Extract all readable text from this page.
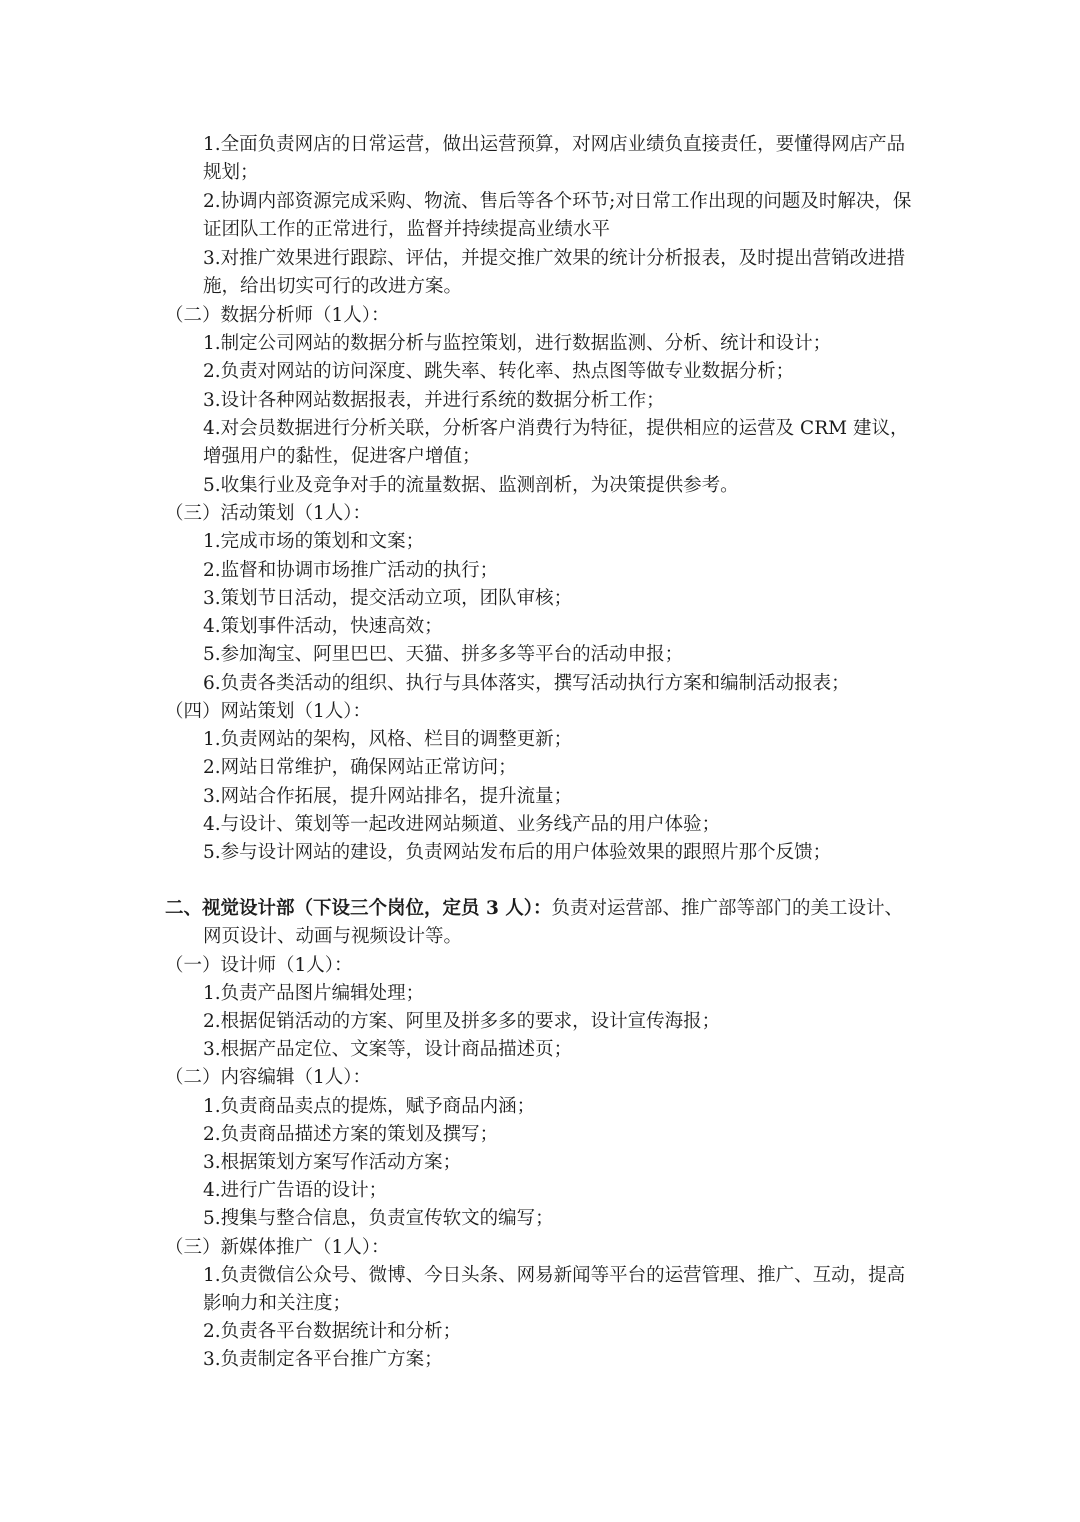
1.全面负责网店的日常运营，做出运营预算，对网店业绩负直接责任，要懂得网店产品
规划；
2.协调内部资源完成采购、物流、售后等各个环节;对日常工作出现的问题及时解决，保
证团队工作的正常进行，监督并持续提高业绩水平
3.对推广效果进行跟踪、评估，并提交推广效果的统计分析报表，及时提出营销改进措
施，给出切实可行的改进方案。
（二）数据分析师（1人）：
1.制定公司网站的数据分析与监控策划，进行数据监测、分析、统计和设计；
2.负责对网站的访问深度、跳失率、转化率、热点图等做专业数据分析；
3.设计各种网站数据报表，并进行系统的数据分析工作；
4.对会员数据进行分析关联，分析客户消费行为特征，提供相应的运营及 CRM 建议，
增强用户的黏性，促进客户增值；
5.收集行业及竞争对手的流量数据、监测剖析，为决策提供参考。
（三）活动策划（1人）：
1.完成市场的策划和文案；
2.监督和协调市场推广活动的执行；
3.策划节日活动，提交活动立项，团队审核；
4.策划事件活动，快速高效；
5.参加淘宝、阿里巴巴、天猫、拼多多等平台的活动申报；
6.负责各类活动的组织、执行与具体落实，撰写活动执行方案和编制活动报表；
（四）网站策划（1人）：
1.负责网站的架构，风格、栏目的调整更新；
2.网站日常维护，确保网站正常访问；
3.网站合作拓展，提升网站排名，提升流量；
4.与设计、策划等一起改进网站频道、业务线产品的用户体验；
5.参与设计网站的建设，负责网站发布后的用户体验效果的跟照片那个反馈；
二、视觉设计部（下设三个岗位，定员 3 人）：负责对运营部、推广部等部门的美工设计、
网页设计、动画与视频设计等。
（一）设计师（1人）：
1.负责产品图片编辑处理；
2.根据促销活动的方案、阿里及拼多多的要求，设计宣传海报；
3.根据产品定位、文案等，设计商品描述页；
（二）内容编辑（1人）：
1.负责商品卖点的提炼，赋予商品内涵；
2.负责商品描述方案的策划及撰写；
3.根据策划方案写作活动方案；
4.进行广告语的设计；
5.搜集与整合信息，负责宣传软文的编写；
（三）新媒体推广（1人）：
1.负责微信公众号、微博、今日头条、网易新闻等平台的运营管理、推广、互动，提高
影响力和关注度；
2.负责各平台数据统计和分析；
3.负责制定各平台推广方案；
